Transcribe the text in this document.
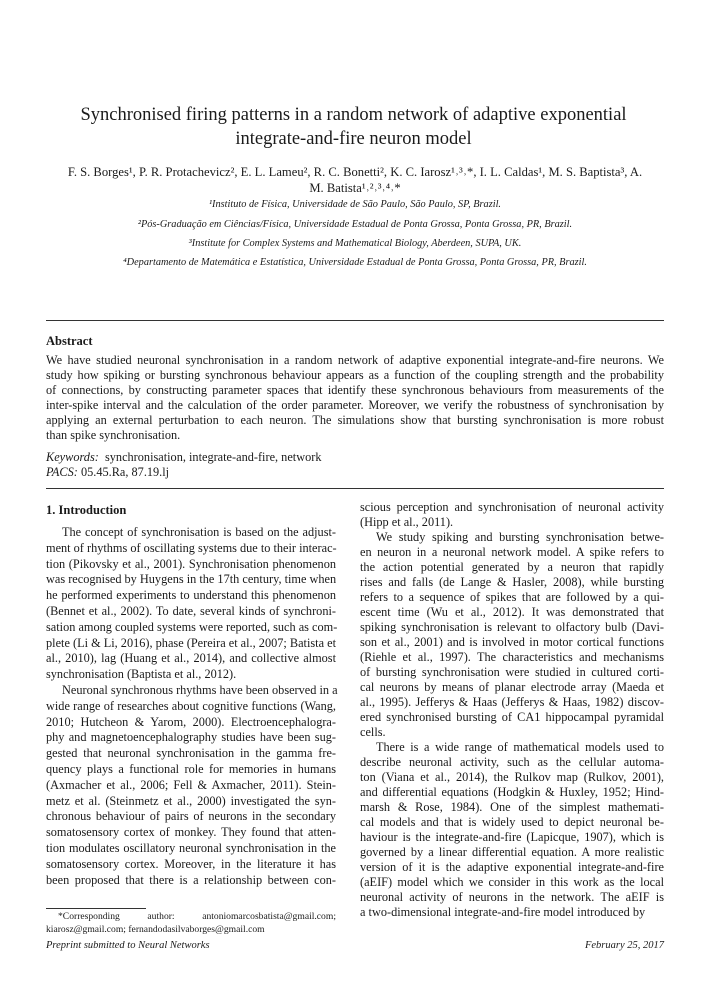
Synchronised firing patterns in a random network of adaptive exponential
integrate-and-fire neuron model
F. S. Borges¹, P. R. Protachevicz², E. L. Lameu², R. C. Bonetti², K. C. Iarosz¹˒³˒*, I. L. Caldas¹, M. S. Baptista³, A.
M. Batista¹˒²˒³˒⁴˒*
¹Instituto de Física, Universidade de São Paulo, São Paulo, SP, Brazil.
²Pós-Graduação em Ciências/Física, Universidade Estadual de Ponta Grossa, Ponta Grossa, PR, Brazil.
³Institute for Complex Systems and Mathematical Biology, Aberdeen, SUPA, UK.
⁴Departamento de Matemática e Estatística, Universidade Estadual de Ponta Grossa, Ponta Grossa, PR, Brazil.
Abstract
We have studied neuronal synchronisation in a random network of adaptive exponential integrate-and-fire neurons. We
study how spiking or bursting synchronous behaviour appears as a function of the coupling strength and the probability
of connections, by constructing parameter spaces that identify these synchronous behaviours from measurements of the
inter-spike interval and the calculation of the order parameter. Moreover, we verify the robustness of synchronisation by
applying an external perturbation to each neuron. The simulations show that bursting synchronisation is more robust
than spike synchronisation.
Keywords: synchronisation, integrate-and-fire, network
PACS: 05.45.Ra, 87.19.lj
1. Introduction
The concept of synchronisation is based on the adjust-
ment of rhythms of oscillating systems due to their interac-
tion (Pikovsky et al., 2001). Synchronisation phenomenon
was recognised by Huygens in the 17th century, time when
he performed experiments to understand this phenomenon
(Bennet et al., 2002). To date, several kinds of synchroni-
sation among coupled systems were reported, such as com-
plete (Li & Li, 2016), phase (Pereira et al., 2007; Batista et
al., 2010), lag (Huang et al., 2014), and collective almost
synchronisation (Baptista et al., 2012).
Neuronal synchronous rhythms have been observed in a
wide range of researches about cognitive functions (Wang,
2010; Hutcheon & Yarom, 2000). Electroencephalogra-
phy and magnetoencephalography studies have been sug-
gested that neuronal synchronisation in the gamma fre-
quency plays a functional role for memories in humans
(Axmacher et al., 2006; Fell & Axmacher, 2011). Stein-
metz et al. (Steinmetz et al., 2000) investigated the syn-
chronous behaviour of pairs of neurons in the secondary
somatosensory cortex of monkey. They found that atten-
tion modulates oscillatory neuronal synchronisation in the
somatosensory cortex. Moreover, in the literature it has
been proposed that there is a relationship between con-
scious perception and synchronisation of neuronal activity
(Hipp et al., 2011).
We study spiking and bursting synchronisation betwe-
en neuron in a neuronal network model. A spike refers to
the action potential generated by a neuron that rapidly
rises and falls (de Lange & Hasler, 2008), while bursting
refers to a sequence of spikes that are followed by a qui-
escent time (Wu et al., 2012). It was demonstrated that
spiking synchronisation is relevant to olfactory bulb (Davi-
son et al., 2001) and is involved in motor cortical functions
(Riehle et al., 1997). The characteristics and mechanisms
of bursting synchronisation were studied in cultured corti-
cal neurons by means of planar electrode array (Maeda et
al., 1995). Jefferys & Haas (Jefferys & Haas, 1982) discov-
ered synchronised bursting of CA1 hippocampal pyramidal
cells.
There is a wide range of mathematical models used to
describe neuronal activity, such as the cellular automa-
ton (Viana et al., 2014), the Rulkov map (Rulkov, 2001),
and differential equations (Hodgkin & Huxley, 1952; Hind-
marsh & Rose, 1984). One of the simplest mathemati-
cal models and that is widely used to depict neuronal be-
haviour is the integrate-and-fire (Lapicque, 1907), which is
governed by a linear differential equation. A more realistic
version of it is the adaptive exponential integrate-and-fire
(aEIF) model which we consider in this work as the local
neuronal activity of neurons in the network. The aEIF is
a two-dimensional integrate-and-fire model introduced by
*Corresponding author: antoniomarcosbatista@gmail.com;
kiarosz@gmail.com; fernandodasilvaborges@gmail.com
Preprint submitted to Neural Networks	February 25, 2017
